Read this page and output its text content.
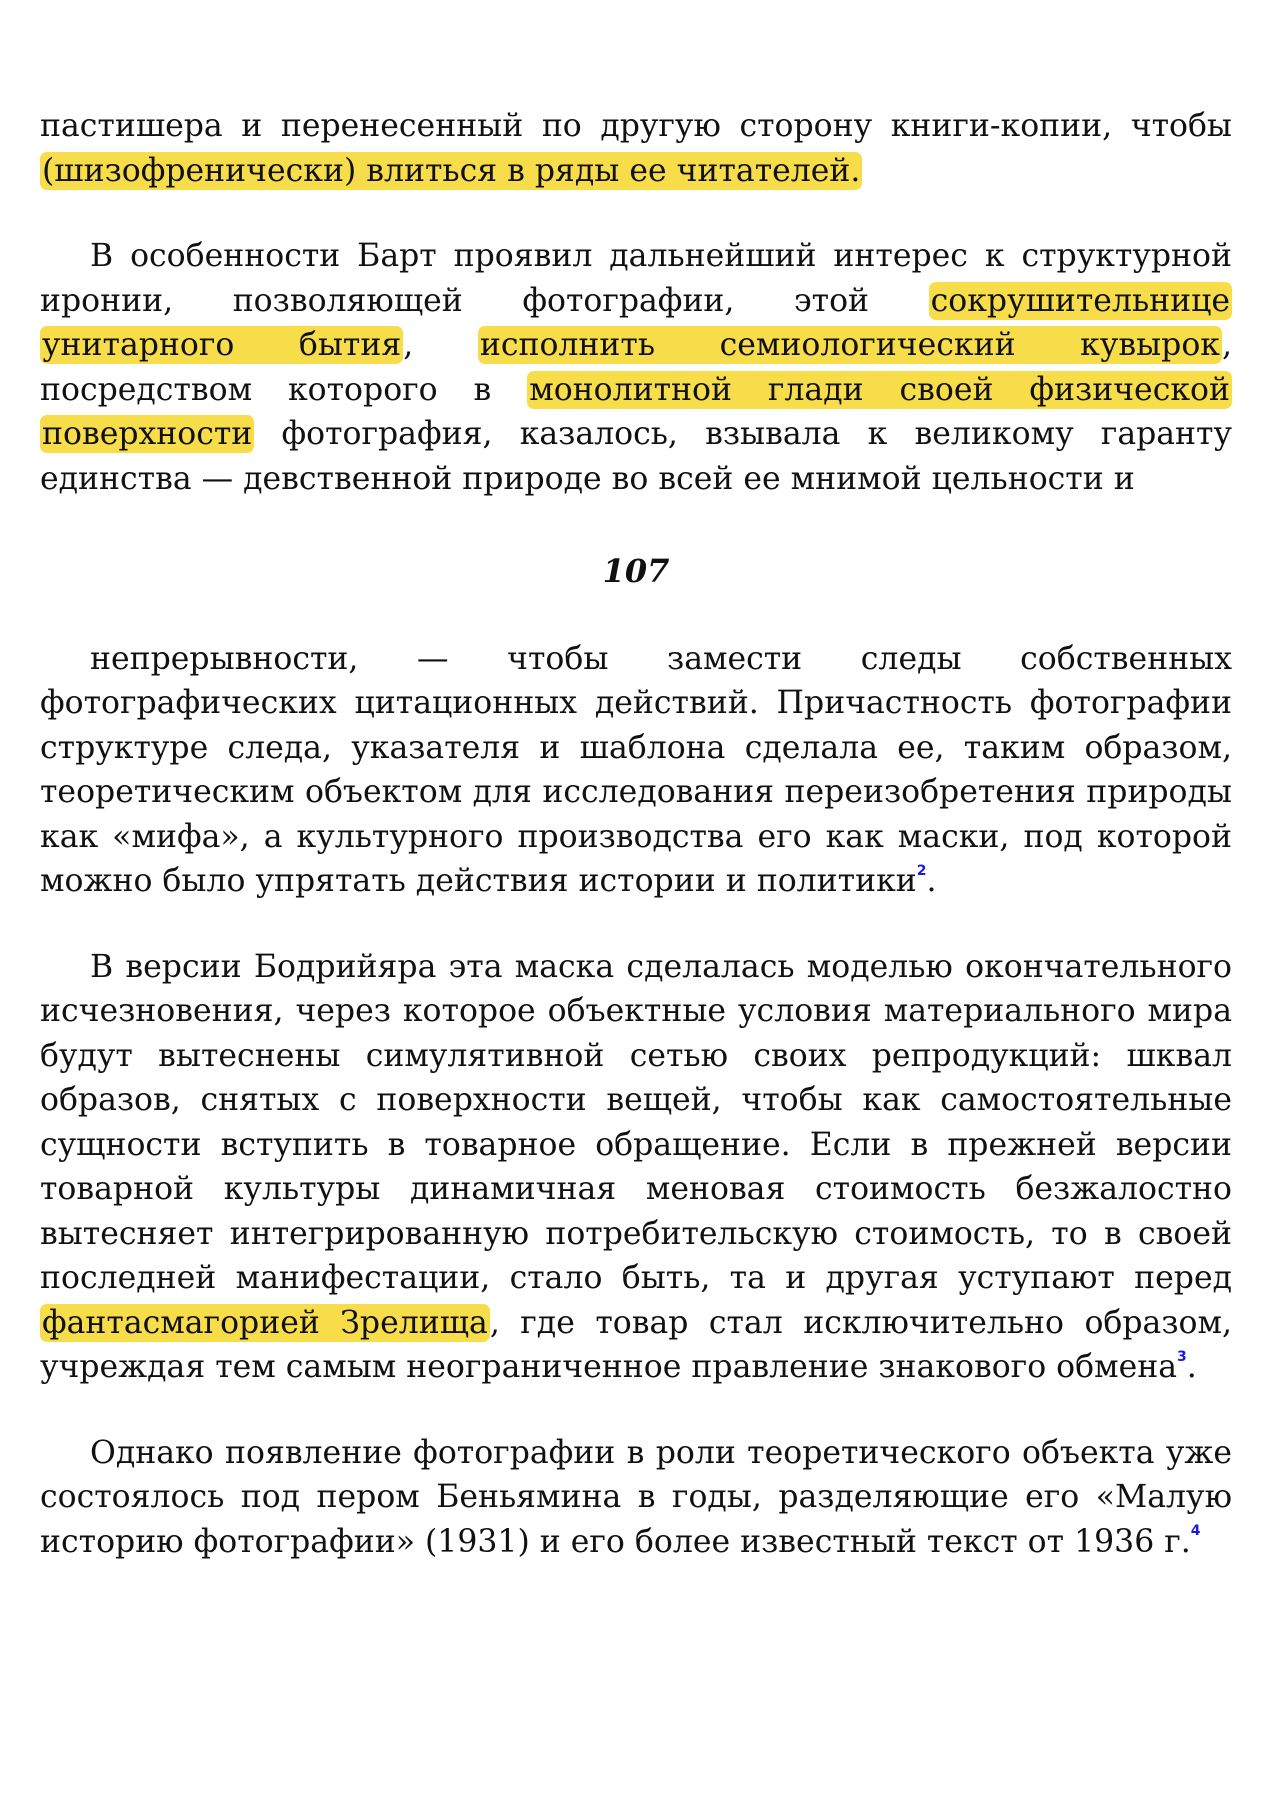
пастишера и перенесенный по другую сторону книги-копии, чтобы (шизофренически) влиться в ряды ее читателей.

В особенности Барт проявил дальнейший интерес к структурной иронии, позволяющей фотографии, этой сокрушительнице унитарного бытия, исполнить семиологический кувырок, посредством которого в монолитной глади своей физической поверхности фотография, казалось, взывала к великому гаранту единства — девственной природе во всей ее мнимой цельности и

107

непрерывности, — чтобы замести следы собственных фотографических цитационных действий. Причастность фотографии структуре следа, указателя и шаблона сделала ее, таким образом, теоретическим объектом для исследования переизобретения природы как «мифа», а культурного производства его как маски, под которой можно было упрятать действия истории и политики$^2$.

В версии Бодрийяра эта маска сделалась моделью окончательного исчезновения, через которое объектные условия материального мира будут вытеснены симулятивной сетью своих репродукций: шквал образов, снятых с поверхности вещей, чтобы как самостоятельные сущности вступить в товарное обращение. Если в прежней версии товарной культуры динамичная меновая стоимость безжалостно вытесняет интегрированную потребительскую стоимость, то в своей последней манифестации, стало быть, та и другая уступают перед фантасмагорией Зрелища, где товар стал исключительно образом, учреждая тем самым неограниченное правление знакового обмена$^3$.

Однако появление фотографии в роли теоретического объекта уже состоялось под пером Беньямина в годы, разделяющие его «Малую историю фотографии» (1931) и его более известный текст от 1936 г.$^4$
